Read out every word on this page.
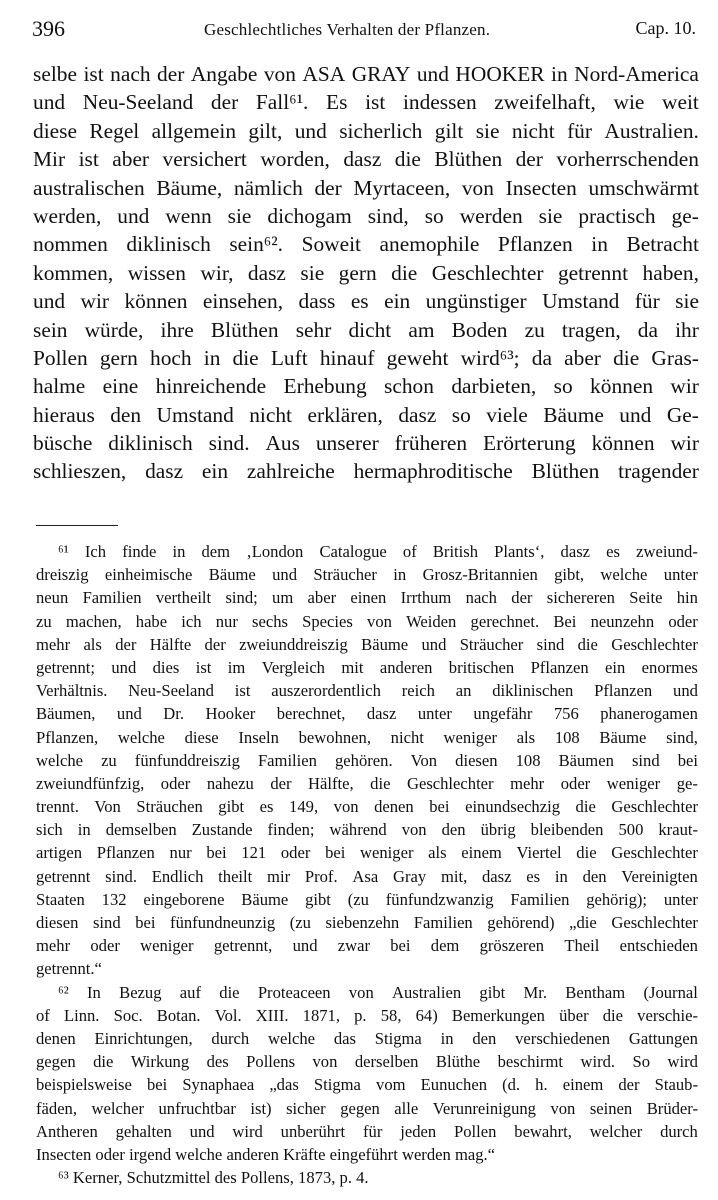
396	Geschlechtliches Verhalten der Pflanzen.	Cap. 10.
selbe ist nach der Angabe von ASA GRAY und HOOKER in Nord-America
und Neu-Seeland der Fall⁶¹. Es ist indessen zweifelhaft, wie weit
diese Regel allgemein gilt, und sicherlich gilt sie nicht für Australien.
Mir ist aber versichert worden, dasz die Blüthen der vorherrschenden
australischen Bäume, nämlich der Myrtaceen, von Insecten umschwärmt
werden, und wenn sie dichogam sind, so werden sie practisch ge-
nommen diklinisch sein⁶². Soweit anemophile Pflanzen in Betracht
kommen, wissen wir, dasz sie gern die Geschlechter getrennt haben,
und wir können einsehen, dass es ein ungünstiger Umstand für sie
sein würde, ihre Blüthen sehr dicht am Boden zu tragen, da ihr
Pollen gern hoch in die Luft hinauf geweht wird⁶³; da aber die Gras-
halme eine hinreichende Erhebung schon darbieten, so können wir
hieraus den Umstand nicht erklären, dasz so viele Bäume und Ge-
büsche diklinisch sind. Aus unserer früheren Erörterung können wir
schlieszen, dasz ein zahlreiche hermaphroditische Blüthen tragender
⁶¹ Ich finde in dem ‚London Catalogue of British Plants‘, dasz es zweiund-
dreiszig einheimische Bäume und Sträucher in Grosz-Britannien gibt, welche unter
neun Familien vertheilt sind; um aber einen Irrthum nach der sichereren Seite hin
zu machen, habe ich nur sechs Species von Weiden gerechnet. Bei neunzehn oder
mehr als der Hälfte der zweiunddreiszig Bäume und Sträucher sind die Geschlechter
getrennt; und dies ist im Vergleich mit anderen britischen Pflanzen ein enormes
Verhältnis. Neu-Seeland ist auszerordentlich reich an diklinischen Pflanzen und
Bäumen, und Dr. Hooker berechnet, dasz unter ungefähr 756 phanerogamen
Pflanzen, welche diese Inseln bewohnen, nicht weniger als 108 Bäume sind,
welche zu fünfunddreiszig Familien gehören. Von diesen 108 Bäumen sind bei
zweiundfünfzig, oder nahezu der Hälfte, die Geschlechter mehr oder weniger ge-
trennt. Von Sträuchen gibt es 149, von denen bei einundsechzig die Geschlechter
sich in demselben Zustande finden; während von den übrig bleibenden 500 kraut-
artigen Pflanzen nur bei 121 oder bei weniger als einem Viertel die Geschlechter
getrennt sind. Endlich theilt mir Prof. Asa Gray mit, dasz es in den Vereinigten
Staaten 132 eingeborene Bäume gibt (zu fünfundzwanzig Familien gehörig); unter
diesen sind bei fünfundneunzig (zu siebenzehn Familien gehörend) „die Geschlechter
mehr oder weniger getrennt, und zwar bei dem gröszeren Theil entschieden
getrennt.“
⁶² In Bezug auf die Proteaceen von Australien gibt Mr. Bentham (Journal
of Linn. Soc. Botan. Vol. XIII. 1871, p. 58, 64) Bemerkungen über die verschie-
denen Einrichtungen, durch welche das Stigma in den verschiedenen Gattungen
gegen die Wirkung des Pollens von derselben Blüthe beschirmt wird. So wird
beispielsweise bei Synaphaea „das Stigma vom Eunuchen (d. h. einem der Staub-
fäden, welcher unfruchtbar ist) sicher gegen alle Verunreinigung von seinen Brüder-
Antheren gehalten und wird unberührt für jeden Pollen bewahrt, welcher durch
Insecten oder irgend welche anderen Kräfte eingeführt werden mag.“
⁶³ Kerner, Schutzmittel des Pollens, 1873, p. 4.
